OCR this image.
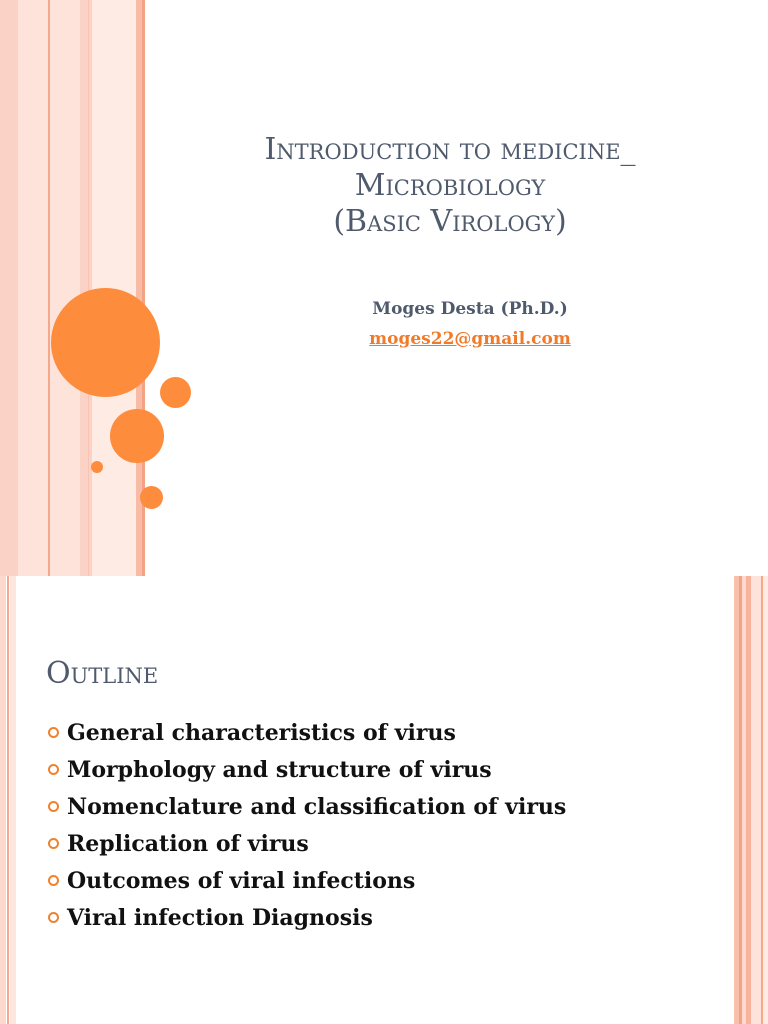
Introduction to medicine_
Microbiology
(Basic Virology)
Moges Desta (Ph.D.)
moges22@gmail.com
Outline
General characteristics of virus
Morphology and structure of virus
Nomenclature and classification of virus
Replication of virus
Outcomes of viral infections
Viral infection Diagnosis
